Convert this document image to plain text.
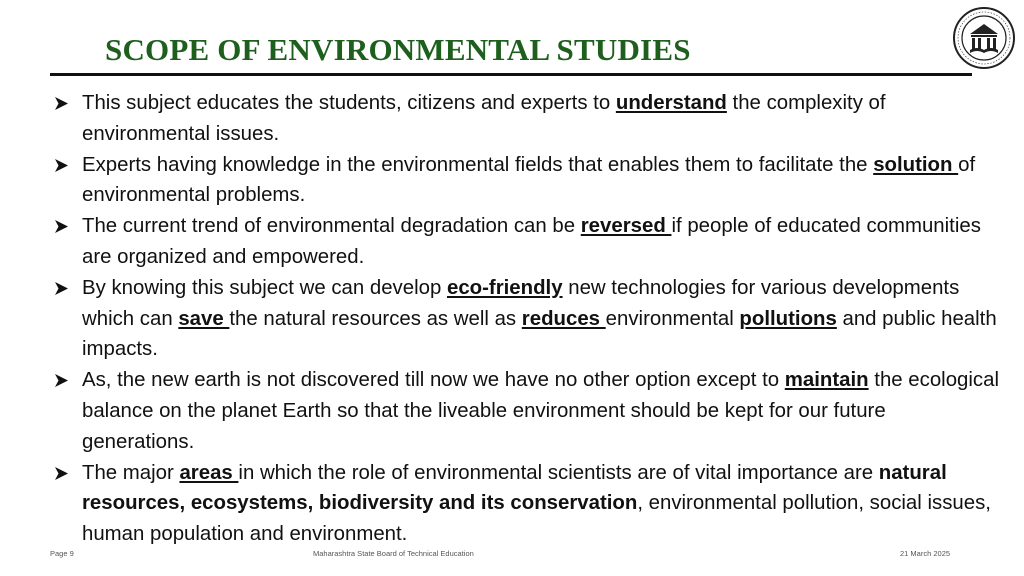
SCOPE OF ENVIRONMENTAL STUDIES
This subject educates the students, citizens and experts to understand the complexity of environmental issues.
Experts having knowledge in the environmental fields that enables them to facilitate the solution of environmental problems.
The current trend of environmental degradation can be reversed if people of educated communities are organized and empowered.
By knowing this subject we can develop eco-friendly new technologies for various developments which can save the natural resources as well as reduces environmental pollutions and public health impacts.
As, the new earth is not discovered till now we have no other option except to maintain the ecological balance on the planet Earth so that the liveable environment should be kept for our future generations.
The major areas in which the role of environmental scientists are of vital importance are natural resources, ecosystems, biodiversity and its conservation, environmental pollution, social issues, human population and environment.
Page 9	Maharashtra State Board of Technical Education	21 March 2025
